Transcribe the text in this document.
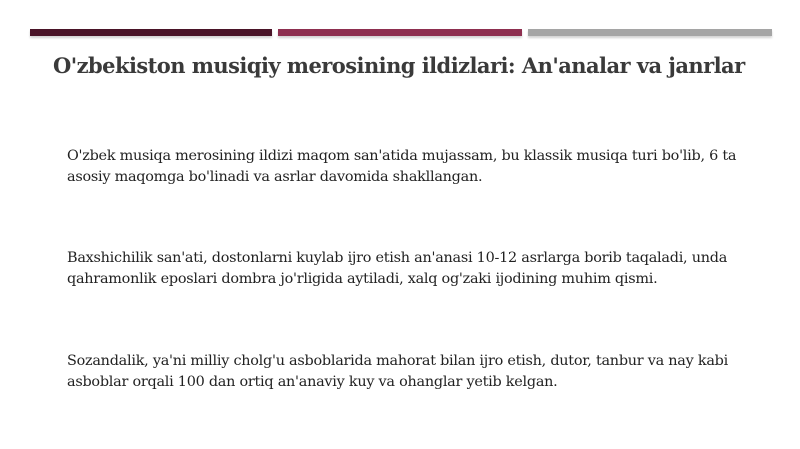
O'zbekiston musiqiy merosining ildizlari: An'analar va janrlar

O'zbek musiqa merosining ildizi maqom san'atida mujassam, bu klassik musiqa turi bo'lib, 6 ta asosiy maqomga bo'linadi va asrlar davomida shakllangan.

Baxshichilik san'ati, dostonlarni kuylab ijro etish an'anasi 10-12 asrlarga borib taqaladi, unda qahramonlik eposlari dombra jo'rligida aytiladi, xalq og'zaki ijodining muhim qismi.

Sozandalik, ya'ni milliy cholg'u asboblarida mahorat bilan ijro etish, dutor, tanbur va nay kabi asboblar orqali 100 dan ortiq an'anaviy kuy va ohanglar yetib kelgan.
